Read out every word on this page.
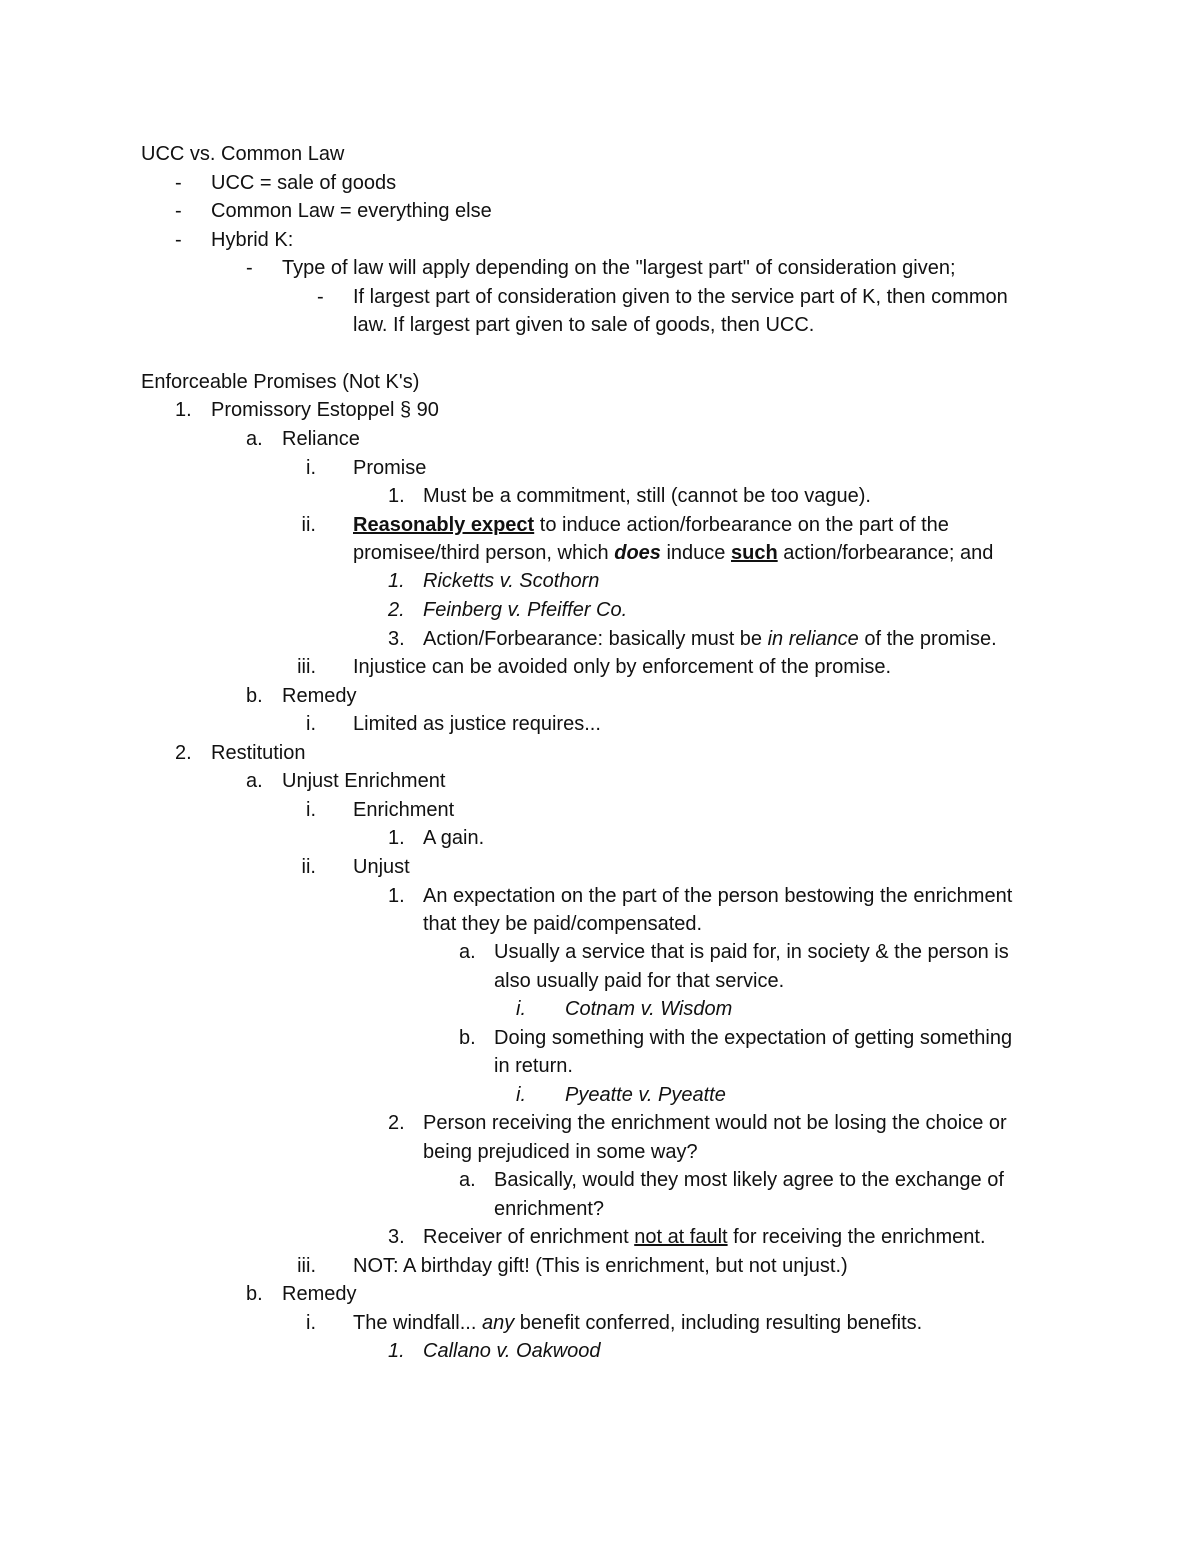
UCC vs. Common Law
- UCC = sale of goods
- Common Law = everything else
- Hybrid K:
- Type of law will apply depending on the "largest part" of consideration given;
- If largest part of consideration given to the service part of K, then common
law. If largest part given to sale of goods, then UCC.
Enforceable Promises (Not K's)
1. Promissory Estoppel § 90
a. Reliance
i. Promise
1. Must be a commitment, still (cannot be too vague).
ii. Reasonably expect to induce action/forbearance on the part of the
promisee/third person, which does induce such action/forbearance; and
1. Ricketts v. Scothorn
2. Feinberg v. Pfeiffer Co.
3. Action/Forbearance: basically must be in reliance of the promise.
iii. Injustice can be avoided only by enforcement of the promise.
b. Remedy
i. Limited as justice requires...
2. Restitution
a. Unjust Enrichment
i. Enrichment
1. A gain.
ii. Unjust
1. An expectation on the part of the person bestowing the enrichment
that they be paid/compensated.
a. Usually a service that is paid for, in society & the person is
also usually paid for that service.
i. Cotnam v. Wisdom
b. Doing something with the expectation of getting something
in return.
i. Pyeatte v. Pyeatte
2. Person receiving the enrichment would not be losing the choice or
being prejudiced in some way?
a. Basically, would they most likely agree to the exchange of
enrichment?
3. Receiver of enrichment not at fault for receiving the enrichment.
iii. NOT: A birthday gift! (This is enrichment, but not unjust.)
b. Remedy
i. The windfall... any benefit conferred, including resulting benefits.
1. Callano v. Oakwood
